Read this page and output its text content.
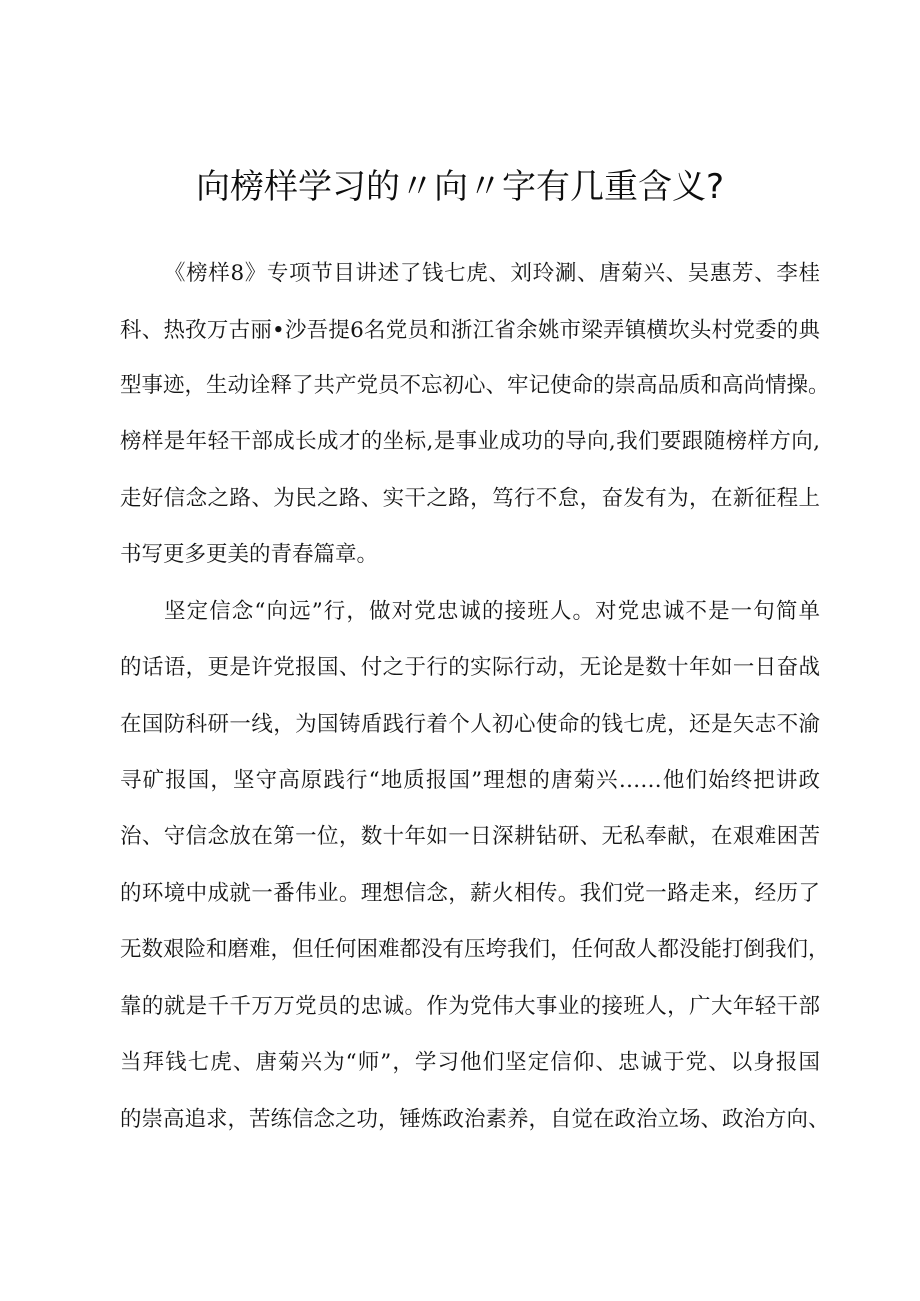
向榜样学习的〃向〃字有几重含义?
《榜样8》专项节目讲述了钱七虎、刘玲涮、唐菊兴、吴惠芳、李桂
科、热孜万古丽•沙吾提6名党员和浙江省余姚市梁弄镇横坎头村党委的典
型事迹，生动诠释了共产党员不忘初心、牢记使命的崇高品质和高尚情操。
榜样是年轻干部成长成才的坐标,是事业成功的导向,我们要跟随榜样方向,
走好信念之路、为民之路、实干之路，笃行不怠，奋发有为，在新征程上
书写更多更美的青春篇章。
坚定信念“向远”行，做对党忠诚的接班人。对党忠诚不是一句简单
的话语，更是许党报国、付之于行的实际行动，无论是数十年如一日奋战
在国防科研一线，为国铸盾践行着个人初心使命的钱七虎，还是矢志不渝
寻矿报国，坚守高原践行“地质报国”理想的唐菊兴……他们始终把讲政
治、守信念放在第一位，数十年如一日深耕钻研、无私奉献，在艰难困苦
的环境中成就一番伟业。理想信念，薪火相传。我们党一路走来，经历了
无数艰险和磨难，但任何困难都没有压垮我们，任何敌人都没能打倒我们，
靠的就是千千万万党员的忠诚。作为党伟大事业的接班人，广大年轻干部
当拜钱七虎、唐菊兴为“师”，学习他们坚定信仰、忠诚于党、以身报国
的崇高追求，苦练信念之功，锤炼政治素养，自觉在政治立场、政治方向、
